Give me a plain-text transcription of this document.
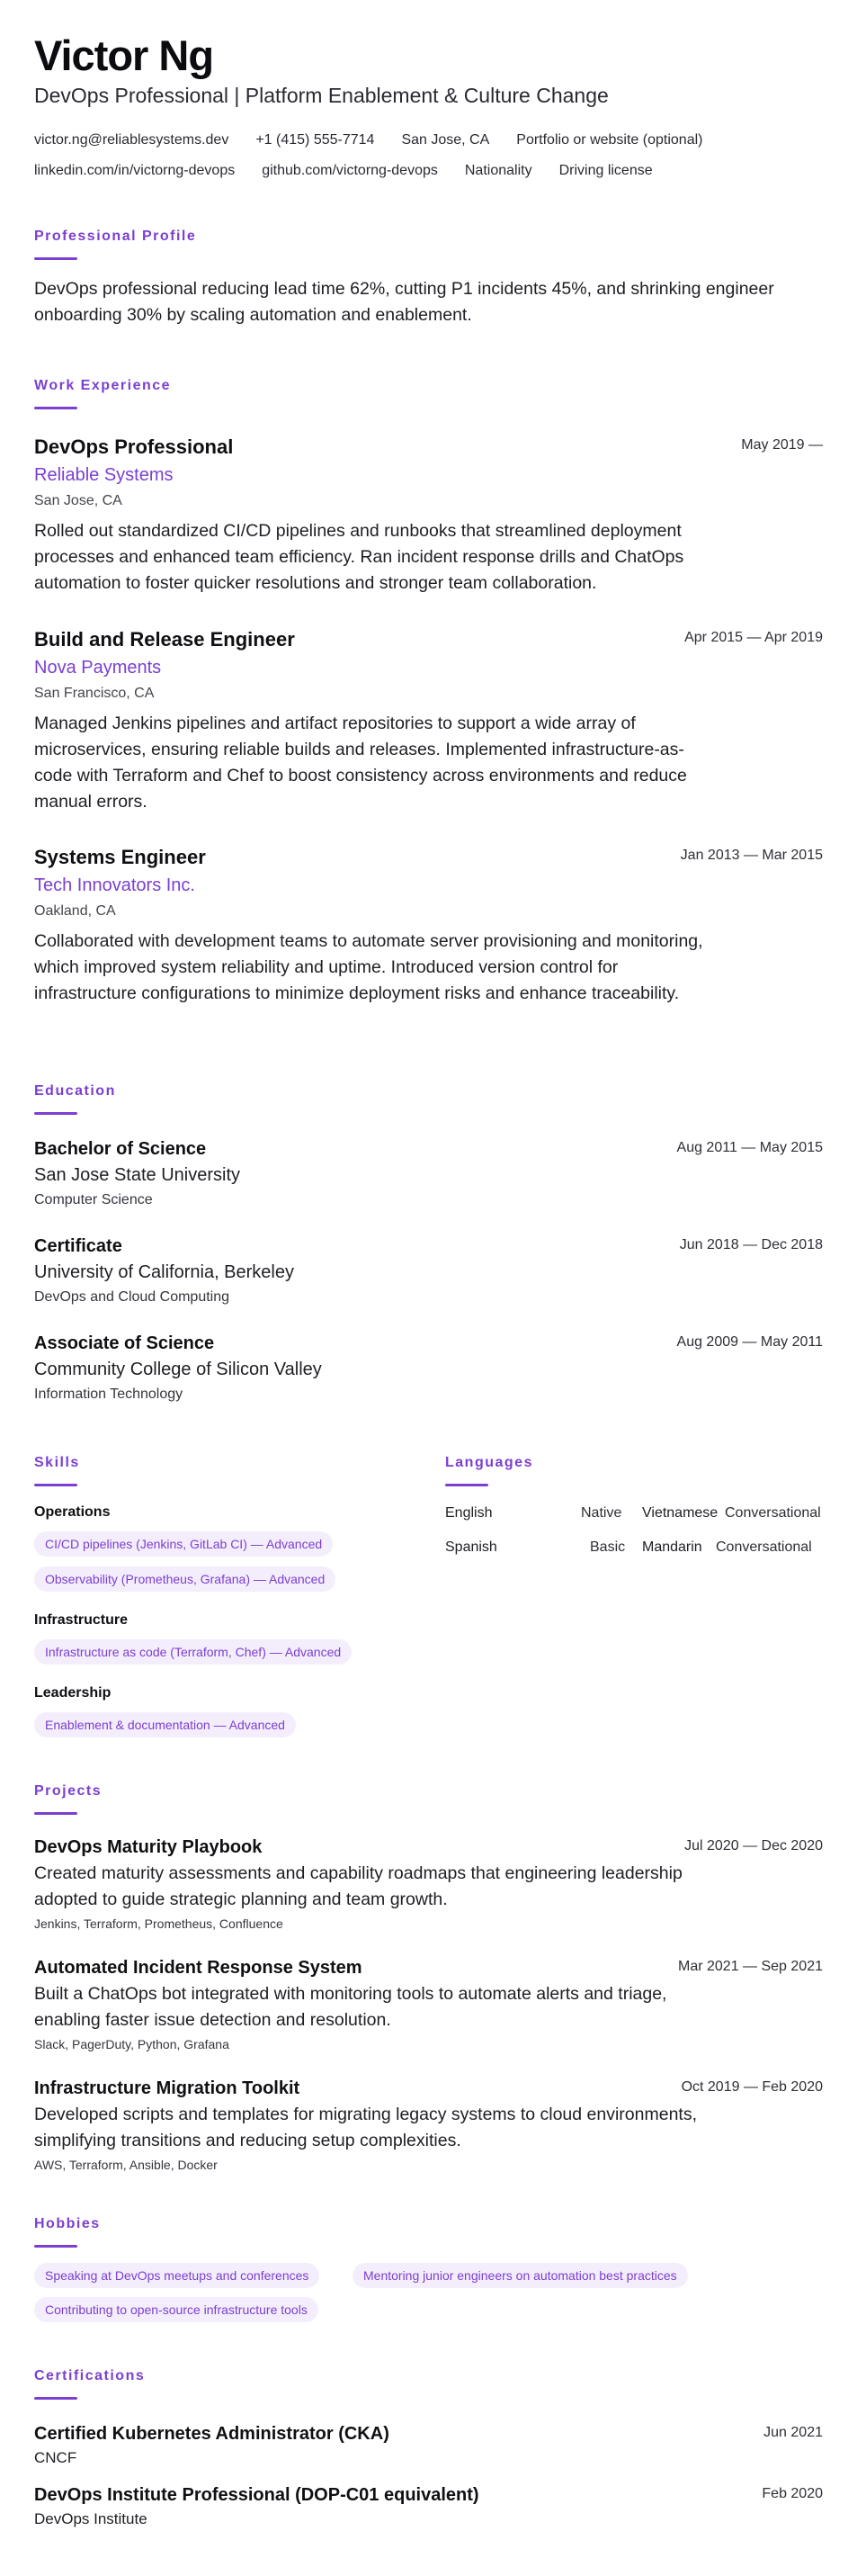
Victor Ng
DevOps Professional | Platform Enablement & Culture Change
victor.ng@reliablesystems.dev +1 (415) 555-7714 San Jose, CA Portfolio or website (optional)
linkedin.com/in/victorng-devops github.com/victorng-devops Nationality Driving license
Professional Profile
DevOps professional reducing lead time 62%, cutting P1 incidents 45%, and shrinking engineer onboarding 30% by scaling automation and enablement.
Work Experience
DevOps Professional	May 2019 —
Reliable Systems
San Jose, CA
Rolled out standardized CI/CD pipelines and runbooks that streamlined deployment processes and enhanced team efficiency. Ran incident response drills and ChatOps automation to foster quicker resolutions and stronger team collaboration.
Build and Release Engineer	Apr 2015 — Apr 2019
Nova Payments
San Francisco, CA
Managed Jenkins pipelines and artifact repositories to support a wide array of microservices, ensuring reliable builds and releases. Implemented infrastructure-as-code with Terraform and Chef to boost consistency across environments and reduce manual errors.
Systems Engineer	Jan 2013 — Mar 2015
Tech Innovators Inc.
Oakland, CA
Collaborated with development teams to automate server provisioning and monitoring, which improved system reliability and uptime. Introduced version control for infrastructure configurations to minimize deployment risks and enhance traceability.
Education
Bachelor of Science	Aug 2011 — May 2015
San Jose State University
Computer Science
Certificate	Jun 2018 — Dec 2018
University of California, Berkeley
DevOps and Cloud Computing
Associate of Science	Aug 2009 — May 2011
Community College of Silicon Valley
Information Technology
Skills
Operations
CI/CD pipelines (Jenkins, GitLab CI) — Advanced
Observability (Prometheus, Grafana) — Advanced
Infrastructure
Infrastructure as code (Terraform, Chef) — Advanced
Leadership
Enablement & documentation — Advanced
Languages
English	Native Vietnamese Conversational
Spanish	Basic Mandarin Conversational
Projects
DevOps Maturity Playbook	Jul 2020 — Dec 2020
Created maturity assessments and capability roadmaps that engineering leadership adopted to guide strategic planning and team growth.
Jenkins, Terraform, Prometheus, Confluence
Automated Incident Response System	Mar 2021 — Sep 2021
Built a ChatOps bot integrated with monitoring tools to automate alerts and triage, enabling faster issue detection and resolution.
Slack, PagerDuty, Python, Grafana
Infrastructure Migration Toolkit	Oct 2019 — Feb 2020
Developed scripts and templates for migrating legacy systems to cloud environments, simplifying transitions and reducing setup complexities.
AWS, Terraform, Ansible, Docker
Hobbies
Speaking at DevOps meetups and conferences	Mentoring junior engineers on automation best practices
Contributing to open-source infrastructure tools
Certifications
Certified Kubernetes Administrator (CKA)	Jun 2021
CNCF
DevOps Institute Professional (DOP-C01 equivalent)	Feb 2020
DevOps Institute
